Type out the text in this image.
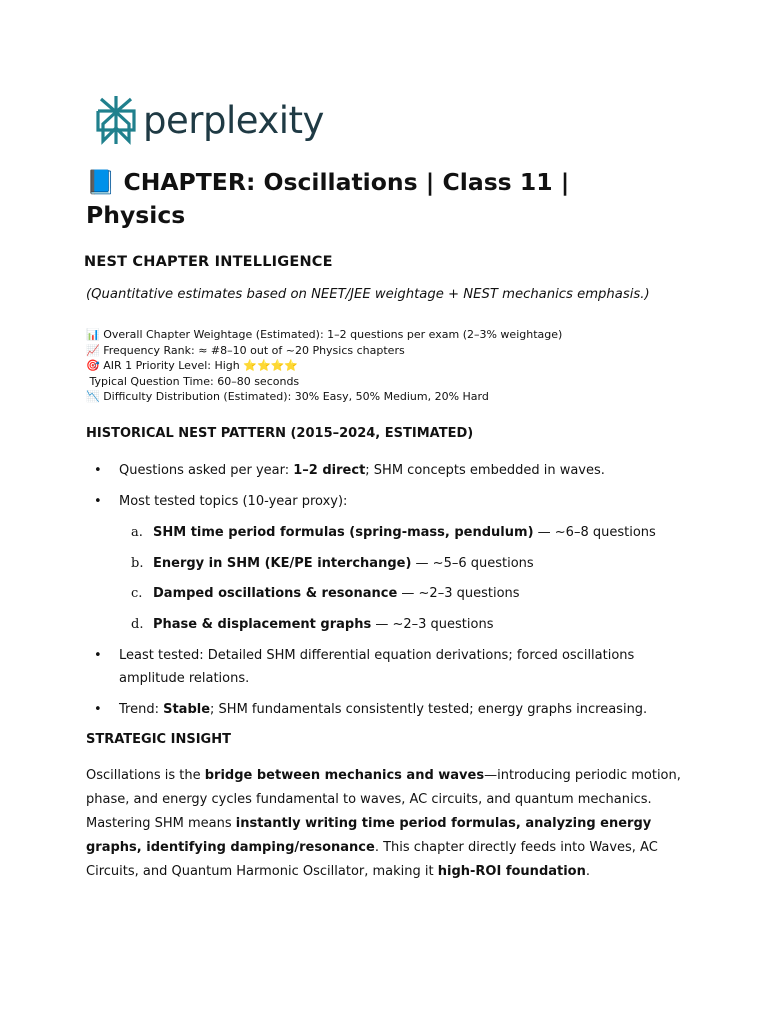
perplexity
📘 CHAPTER: Oscillations | Class 11 | Physics
NEST CHAPTER INTELLIGENCE

(Quantitative estimates based on NEET/JEE weightage + NEST mechanics emphasis.)

📊 Overall Chapter Weightage (Estimated): 1–2 questions per exam (2–3% weightage)
📈 Frequency Rank: ≈ #8–10 out of ~20 Physics chapters
🎯 AIR 1 Priority Level: High ⭐⭐⭐⭐
Typical Question Time: 60–80 seconds
📉 Difficulty Distribution (Estimated): 30% Easy, 50% Medium, 20% Hard
HISTORICAL NEST PATTERN (2015–2024, ESTIMATED)
• Questions asked per year: 1–2 direct; SHM concepts embedded in waves.
• Most tested topics (10-year proxy):
a. SHM time period formulas (spring-mass, pendulum) — ~6–8 questions
b. Energy in SHM (KE/PE interchange) — ~5–6 questions
c. Damped oscillations & resonance — ~2–3 questions
d. Phase & displacement graphs — ~2–3 questions
• Least tested: Detailed SHM differential equation derivations; forced oscillations amplitude relations.
• Trend: Stable; SHM fundamentals consistently tested; energy graphs increasing.
STRATEGIC INSIGHT

Oscillations is the bridge between mechanics and waves—introducing periodic motion, phase, and energy cycles fundamental to waves, AC circuits, and quantum mechanics. Mastering SHM means instantly writing time period formulas, analyzing energy graphs, identifying damping/resonance. This chapter directly feeds into Waves, AC Circuits, and Quantum Harmonic Oscillator, making it high-ROI foundation.
